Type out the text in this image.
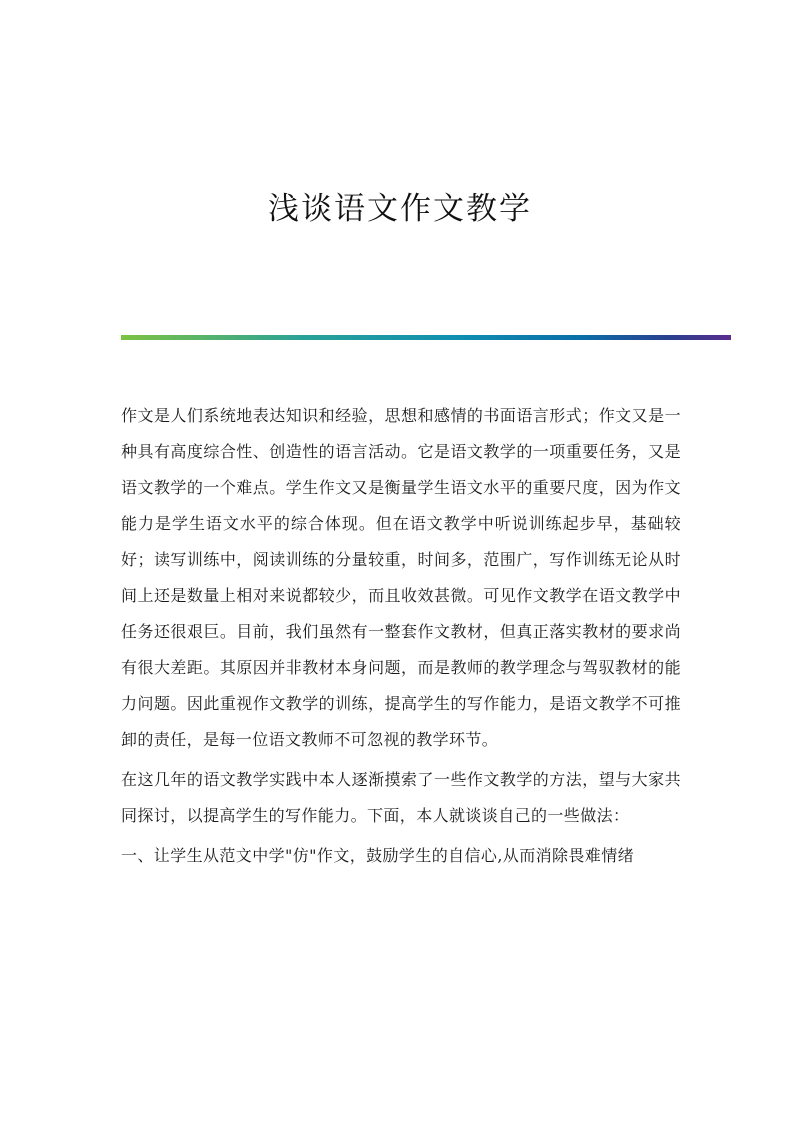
浅谈语文作文教学

作文是人们系统地表达知识和经验，思想和感情的书面语言形式；作文又是一种具有高度综合性、创造性的语言活动。它是语文教学的一项重要任务，又是语文教学的一个难点。学生作文又是衡量学生语文水平的重要尺度，因为作文能力是学生语文水平的综合体现。但在语文教学中听说训练起步早，基础较好；读写训练中，阅读训练的分量较重，时间多，范围广，写作训练无论从时间上还是数量上相对来说都较少，而且收效甚微。可见作文教学在语文教学中任务还很艰巨。目前，我们虽然有一整套作文教材，但真正落实教材的要求尚有很大差距。其原因并非教材本身问题，而是教师的教学理念与驾驭教材的能力问题。因此重视作文教学的训练，提高学生的写作能力，是语文教学不可推卸的责任，是每一位语文教师不可忽视的教学环节。

在这几年的语文教学实践中本人逐渐摸索了一些作文教学的方法，望与大家共同探讨，以提高学生的写作能力。下面，本人就谈谈自己的一些做法：

一、让学生从范文中学"仿"作文，鼓励学生的自信心,从而消除畏难情绪
